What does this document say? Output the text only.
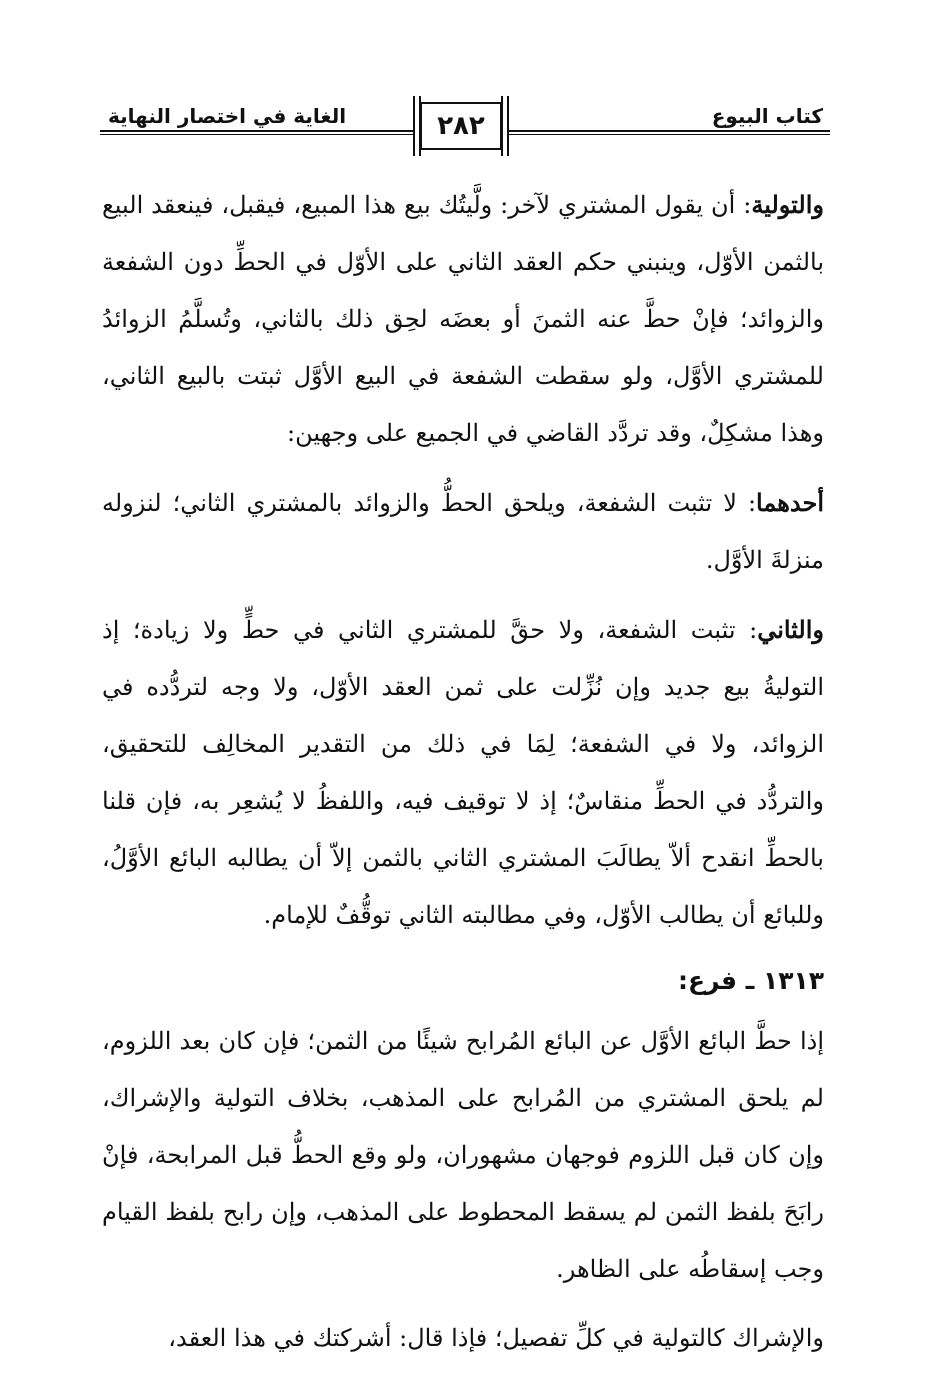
كتاب البيوع
الغاية في اختصار النهاية	٢٨٢

والتولية: أن يقول المشتري لآخر: ولَّيتُك بيع هذا المبيع، فيقبل، فينعقد البيع بالثمن الأوّل، وينبني حكم العقد الثاني على الأوّل في الحطِّ دون الشفعة والزوائد؛ فإنْ حطَّ عنه الثمنَ أو بعضَه لحِق ذلك بالثاني، وتُسلَّمُ الزوائدُ للمشتري الأوَّل، ولو سقطت الشفعة في البيع الأوَّل ثبتت بالبيع الثاني، وهذا مشكِلٌ، وقد تردَّد القاضي في الجميع على وجهين:

أحدهما: لا تثبت الشفعة، ويلحق الحطُّ والزوائد بالمشتري الثاني؛ لنزوله منزلةَ الأوَّل.

والثاني: تثبت الشفعة، ولا حقَّ للمشتري الثاني في حطٍّ ولا زيادة؛ إذ التوليةُ بيع جديد وإن نُزِّلت على ثمن العقد الأوّل، ولا وجه لتردُّده في الزوائد، ولا في الشفعة؛ لِمَا في ذلك من التقدير المخالِف للتحقيق، والتردُّد في الحطِّ منقاسٌ؛ إذ لا توقيف فيه، واللفظُ لا يُشعِر به، فإن قلنا بالحطِّ انقدح ألاّ يطالَبَ المشتري الثاني بالثمن إلاّ أن يطالبه البائع الأوَّلُ، وللبائع أن يطالب الأوّل، وفي مطالبته الثاني توقُّفٌ للإمام.

١٣١٣ ـ فرع:

إذا حطَّ البائع الأوَّل عن البائع المُرابح شيئًا من الثمن؛ فإن كان بعد اللزوم، لم يلحق المشتري من المُرابح على المذهب، بخلاف التولية والإشراك، وإن كان قبل اللزوم فوجهان مشهوران، ولو وقع الحطُّ قبل المرابحة، فإنْ رابَحَ بلفظ الثمن لم يسقط المحطوط على المذهب، وإن رابح بلفظ القيام وجب إسقاطُه على الظاهر.

والإشراك كالتولية في كلِّ تفصيل؛ فإذا قال: أشركتك في هذا العقد،
